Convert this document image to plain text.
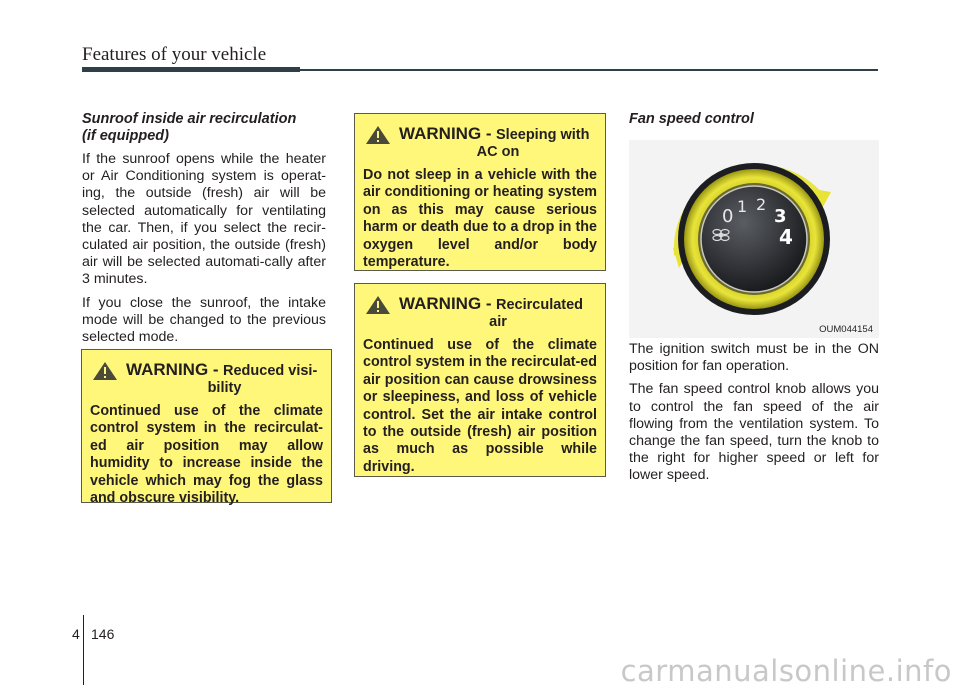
Features of your vehicle

Sunroof inside air recirculation
(if equipped)

If the sunroof opens while the heater or Air Conditioning system is operat-ing, the outside (fresh) air will be selected automatically for ventilating the car. Then, if you select the recir-culated air position, the outside (fresh) air will be selected automati-cally after 3 minutes.

If you close the sunroof, the intake mode will be changed to the previous selected mode.

WARNING - Reduced visi-
bility

Continued use of the climate control system in the recirculat-ed air position may allow humidity to increase inside the vehicle which may fog the glass and obscure visibility.

WARNING - Sleeping with
AC on

Do not sleep in a vehicle with the air conditioning or heating system on as this may cause serious harm or death due to a drop in the oxygen level and/or body temperature.

WARNING - Recirculated
air

Continued use of the climate control system in the recirculat-ed air position can cause drowsiness or sleepiness, and loss of vehicle control. Set the air intake control to the outside (fresh) air position as much as possible while driving.

Fan speed control

0 1 2
3
4
OUM044154

The ignition switch must be in the ON position for fan operation.

The fan speed control knob allows you to control the fan speed of the air flowing from the ventilation system. To change the fan speed, turn the knob to the right for higher speed or left for lower speed.

4 146
carmanualsonline.info
